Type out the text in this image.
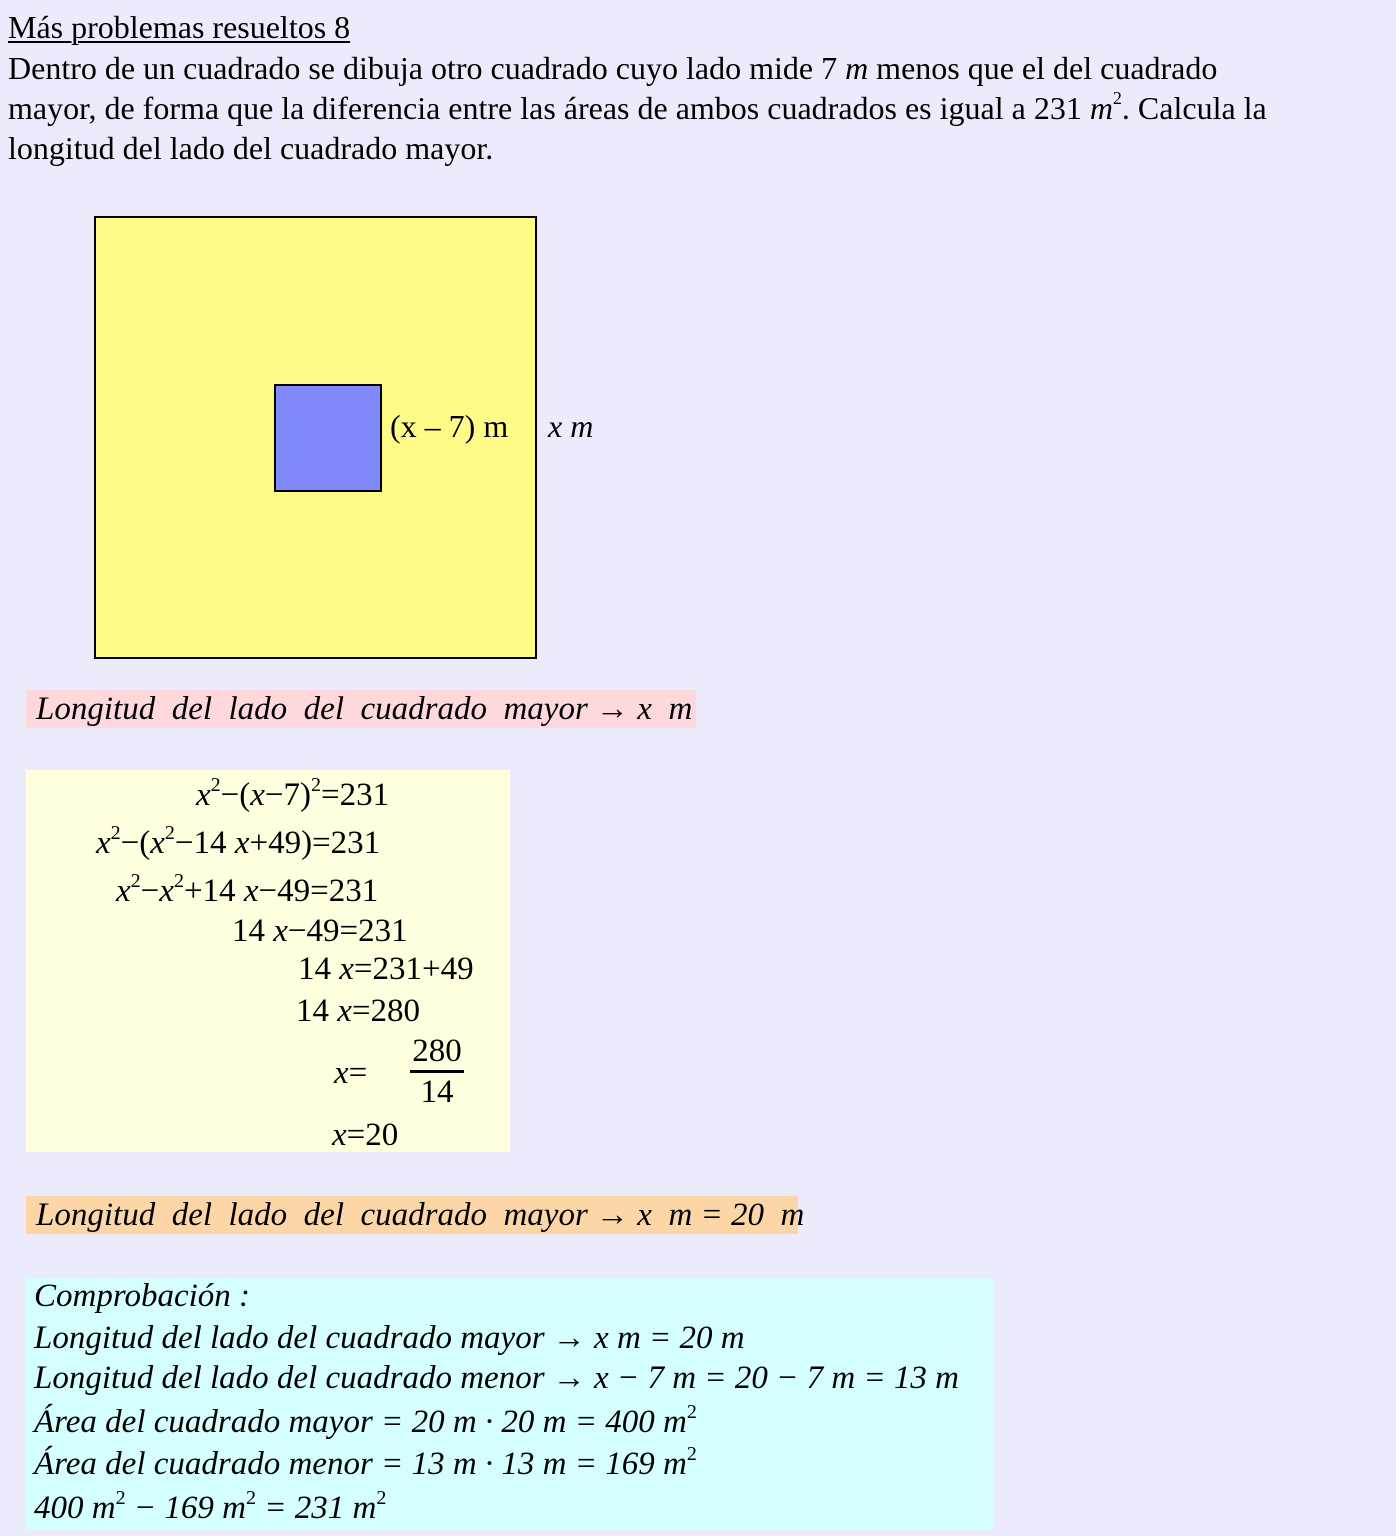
Más problemas resueltos 8
Dentro de un cuadrado se dibuja otro cuadrado cuyo lado mide 7 m menos que el del cuadrado
mayor, de forma que la diferencia entre las áreas de ambos cuadrados es igual a 231 $m^2$. Calcula la
longitud del lado del cuadrado mayor.
(x – 7) m x m
Longitud  del  lado  del  cuadrado  mayor → x  m
$x^2-(x-7)^2=231$
$x^2-(x^2-14$ x+49)=231
$x^2-x^2+14$ x−49=231
14 x−49=231
14 x=231+49
14 x=280
$x= \frac{280}{14}$
x=20
Longitud  del  lado  del  cuadrado  mayor → x  m = 20  m
Comprobación :
Longitud del lado del cuadrado mayor → x m = 20 m
Longitud del lado del cuadrado menor → x − 7 m = 20 − 7 m = 13 m
Área del cuadrado mayor = 20 m · 20 m = 400 $m^2$
Área del cuadrado menor = 13 m · 13 m = 169 $m^2$
400 $m^2 - 169$ $m^2 = 231$ $m^2$
